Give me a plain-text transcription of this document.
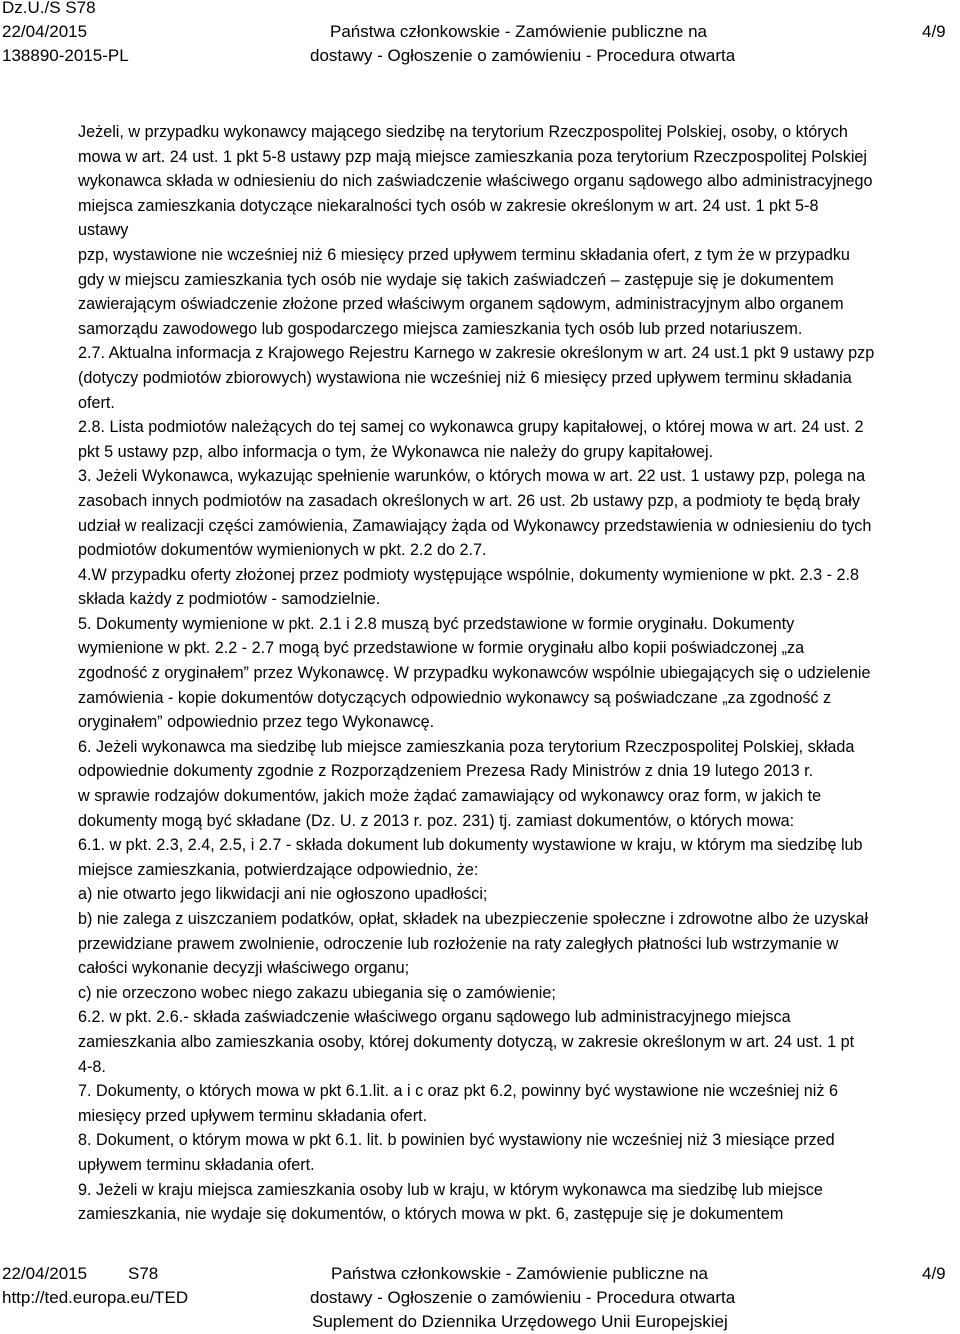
Dz.U./S S78
22/04/2015
138890-2015-PL
Państwa członkowskie - Zamówienie publiczne na
dostawy - Ogłoszenie o zamówieniu - Procedura otwarta
4/9
Jeżeli, w przypadku wykonawcy mającego siedzibę na terytorium Rzeczpospolitej Polskiej, osoby, o których
mowa w art. 24 ust. 1 pkt 5-8 ustawy pzp mają miejsce zamieszkania poza terytorium Rzeczpospolitej Polskiej
wykonawca składa w odniesieniu do nich zaświadczenie właściwego organu sądowego albo administracyjnego
miejsca zamieszkania dotyczące niekaralności tych osób w zakresie określonym w art. 24 ust. 1 pkt 5-8
ustawy
pzp, wystawione nie wcześniej niż 6 miesięcy przed upływem terminu składania ofert, z tym że w przypadku
gdy w miejscu zamieszkania tych osób nie wydaje się takich zaświadczeń – zastępuje się je dokumentem
zawierającym oświadczenie złożone przed właściwym organem sądowym, administracyjnym albo organem
samorządu zawodowego lub gospodarczego miejsca zamieszkania tych osób lub przed notariuszem.
2.7. Aktualna informacja z Krajowego Rejestru Karnego w zakresie określonym w art. 24 ust.1 pkt 9 ustawy pzp
(dotyczy podmiotów zbiorowych) wystawiona nie wcześniej niż 6 miesięcy przed upływem terminu składania
ofert.
2.8. Lista podmiotów należących do tej samej co wykonawca grupy kapitałowej, o której mowa w art. 24 ust. 2
pkt 5 ustawy pzp, albo informacja o tym, że Wykonawca nie należy do grupy kapitałowej.
3. Jeżeli Wykonawca, wykazując spełnienie warunków, o których mowa w art. 22 ust. 1 ustawy pzp, polega na
zasobach innych podmiotów na zasadach określonych w art. 26 ust. 2b ustawy pzp, a podmioty te będą brały
udział w realizacji części zamówienia, Zamawiający żąda od Wykonawcy przedstawienia w odniesieniu do tych
podmiotów dokumentów wymienionych w pkt. 2.2 do 2.7.
4.W przypadku oferty złożonej przez podmioty występujące wspólnie, dokumenty wymienione w pkt. 2.3 - 2.8
składa każdy z podmiotów - samodzielnie.
5. Dokumenty wymienione w pkt. 2.1 i 2.8 muszą być przedstawione w formie oryginału. Dokumenty
wymienione w pkt. 2.2 - 2.7 mogą być przedstawione w formie oryginału albo kopii poświadczonej „za
zgodność z oryginałem” przez Wykonawcę. W przypadku wykonawców wspólnie ubiegających się o udzielenie
zamówienia - kopie dokumentów dotyczących odpowiednio wykonawcy są poświadczane „za zgodność z
oryginałem” odpowiednio przez tego Wykonawcę.
6. Jeżeli wykonawca ma siedzibę lub miejsce zamieszkania poza terytorium Rzeczpospolitej Polskiej, składa
odpowiednie dokumenty zgodnie z Rozporządzeniem Prezesa Rady Ministrów z dnia 19 lutego 2013 r.
w sprawie rodzajów dokumentów, jakich może żądać zamawiający od wykonawcy oraz form, w jakich te
dokumenty mogą być składane (Dz. U. z 2013 r. poz. 231) tj. zamiast dokumentów, o których mowa:
6.1. w pkt. 2.3, 2.4, 2.5, i 2.7 - składa dokument lub dokumenty wystawione w kraju, w którym ma siedzibę lub
miejsce zamieszkania, potwierdzające odpowiednio, że:
a) nie otwarto jego likwidacji ani nie ogłoszono upadłości;
b) nie zalega z uiszczaniem podatków, opłat, składek na ubezpieczenie społeczne i zdrowotne albo że uzyskał
przewidziane prawem zwolnienie, odroczenie lub rozłożenie na raty zaległych płatności lub wstrzymanie w
całości wykonanie decyzji właściwego organu;
c) nie orzeczono wobec niego zakazu ubiegania się o zamówienie;
6.2. w pkt. 2.6.- składa zaświadczenie właściwego organu sądowego lub administracyjnego miejsca
zamieszkania albo zamieszkania osoby, której dokumenty dotyczą, w zakresie określonym w art. 24 ust. 1 pt
4-8.
7. Dokumenty, o których mowa w pkt 6.1.lit. a i c oraz pkt 6.2, powinny być wystawione nie wcześniej niż 6
miesięcy przed upływem terminu składania ofert.
8. Dokument, o którym mowa w pkt 6.1. lit. b powinien być wystawiony nie wcześniej niż 3 miesiące przed
upływem terminu składania ofert.
9. Jeżeli w kraju miejsca zamieszkania osoby lub w kraju, w którym wykonawca ma siedzibę lub miejsce
zamieszkania, nie wydaje się dokumentów, o których mowa w pkt. 6, zastępuje się je dokumentem
22/04/2015 S78
http://ted.europa.eu/TED
Państwa członkowskie - Zamówienie publiczne na
dostawy - Ogłoszenie o zamówieniu - Procedura otwarta
Suplement do Dziennika Urzędowego Unii Europejskiej
4/9
